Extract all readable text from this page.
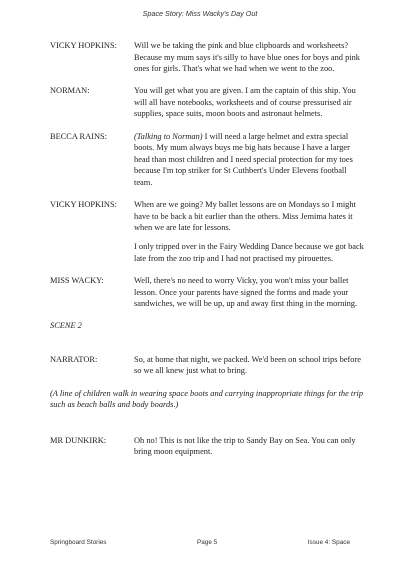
Space Story: Miss Wacky's Day Out
VICKY HOPKINS:	Will we be taking the pink and blue clipboards and worksheets? Because my mum says it's silly to have blue ones for boys and pink ones for girls. That's what we had when we went to the zoo.

NORMAN:	You will get what you are given. I am the captain of this ship. You will all have notebooks, worksheets and of course pressurised air supplies, space suits, moon boots and astronaut helmets.

BECCA RAINS:	(Talking to Norman) I will need a large helmet and extra special boots. My mum always buys me big hats because I have a larger head than most children and I need special protection for my toes because I'm top striker for St Cuthbert's Under Elevens football team.

VICKY HOPKINS:	When are we going? My ballet lessons are on Mondays so I might have to be back a bit earlier than the others. Miss Jemima hates it when we are late for lessons.

I only tripped over in the Fairy Wedding Dance because we got back late from the zoo trip and I had not practised my pirouettes.

MISS WACKY:	Well, there's no need to worry Vicky, you won't miss your ballet lesson. Once your parents have signed the forms and made your sandwiches, we will be up, up and away first thing in the morning.

SCENE 2
NARRATOR:	So, at home that night, we packed. We'd been on school trips before so we all knew just what to bring.

(A line of children walk in wearing space boots and carrying inappropriate things for the trip such as beach balls and body boards.)
MR DUNKIRK:	Oh no! This is not like the trip to Sandy Bay on Sea. You can only bring moon equipment.

Springboard Stories	Page 5	Issue 4: Space
